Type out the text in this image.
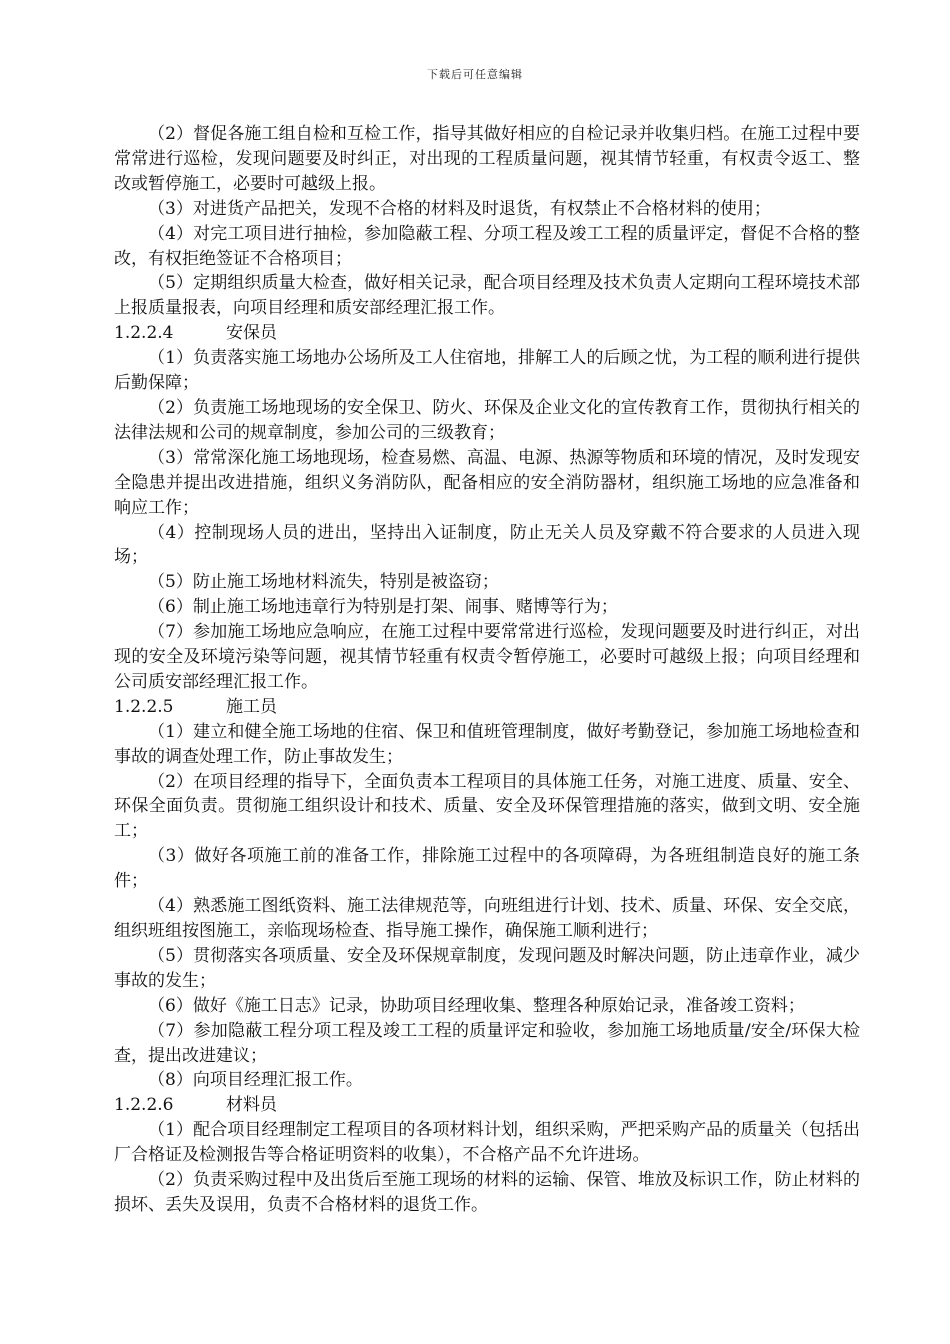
下载后可任意编辑

（2）督促各施工组自检和互检工作，指导其做好相应的自检记录并收集归档。在施工过程中要常常进行巡检，发现问题要及时纠正，对出现的工程质量问题，视其情节轻重，有权责令返工、整改或暂停施工，必要时可越级上报。

（3）对进货产品把关，发现不合格的材料及时退货，有权禁止不合格材料的使用；

（4）对完工项目进行抽检，参加隐蔽工程、分项工程及竣工工程的质量评定，督促不合格的整改，有权拒绝签证不合格项目；

（5）定期组织质量大检查，做好相关记录，配合项目经理及技术负责人定期向工程环境技术部上报质量报表，向项目经理和质安部经理汇报工作。

1.2.2.4	安保员

（1）负责落实施工场地办公场所及工人住宿地，排解工人的后顾之忧，为工程的顺利进行提供后勤保障；

（2）负责施工场地现场的安全保卫、防火、环保及企业文化的宣传教育工作，贯彻执行相关的法律法规和公司的规章制度，参加公司的三级教育；

（3）常常深化施工场地现场，检查易燃、高温、电源、热源等物质和环境的情况，及时发现安全隐患并提出改进措施，组织义务消防队，配备相应的安全消防器材，组织施工场地的应急准备和响应工作；

（4）控制现场人员的进出，坚持出入证制度，防止无关人员及穿戴不符合要求的人员进入现场；

（5）防止施工场地材料流失，特别是被盗窃；

（6）制止施工场地违章行为特别是打架、闹事、赌博等行为；

（7）参加施工场地应急响应，在施工过程中要常常进行巡检，发现问题要及时进行纠正，对出现的安全及环境污染等问题，视其情节轻重有权责令暂停施工，必要时可越级上报；向项目经理和公司质安部经理汇报工作。

1.2.2.5	施工员

（1）建立和健全施工场地的住宿、保卫和值班管理制度，做好考勤登记，参加施工场地检查和事故的调查处理工作，防止事故发生；

（2）在项目经理的指导下，全面负责本工程项目的具体施工任务，对施工进度、质量、安全、环保全面负责。贯彻施工组织设计和技术、质量、安全及环保管理措施的落实，做到文明、安全施工；

（3）做好各项施工前的准备工作，排除施工过程中的各项障碍，为各班组制造良好的施工条件；

（4）熟悉施工图纸资料、施工法律规范等，向班组进行计划、技术、质量、环保、安全交底，组织班组按图施工，亲临现场检查、指导施工操作，确保施工顺利进行；

（5）贯彻落实各项质量、安全及环保规章制度，发现问题及时解决问题，防止违章作业，减少事故的发生；

（6）做好《施工日志》记录，协助项目经理收集、整理各种原始记录，准备竣工资料；

（7）参加隐蔽工程分项工程及竣工工程的质量评定和验收，参加施工场地质量/安全/环保大检查，提出改进建议；

（8）向项目经理汇报工作。

1.2.2.6	材料员

（1）配合项目经理制定工程项目的各项材料计划，组织采购，严把采购产品的质量关（包括出厂合格证及检测报告等合格证明资料的收集），不合格产品不允许进场。

（2）负责采购过程中及出货后至施工现场的材料的运输、保管、堆放及标识工作，防止材料的损坏、丢失及误用，负责不合格材料的退货工作。
